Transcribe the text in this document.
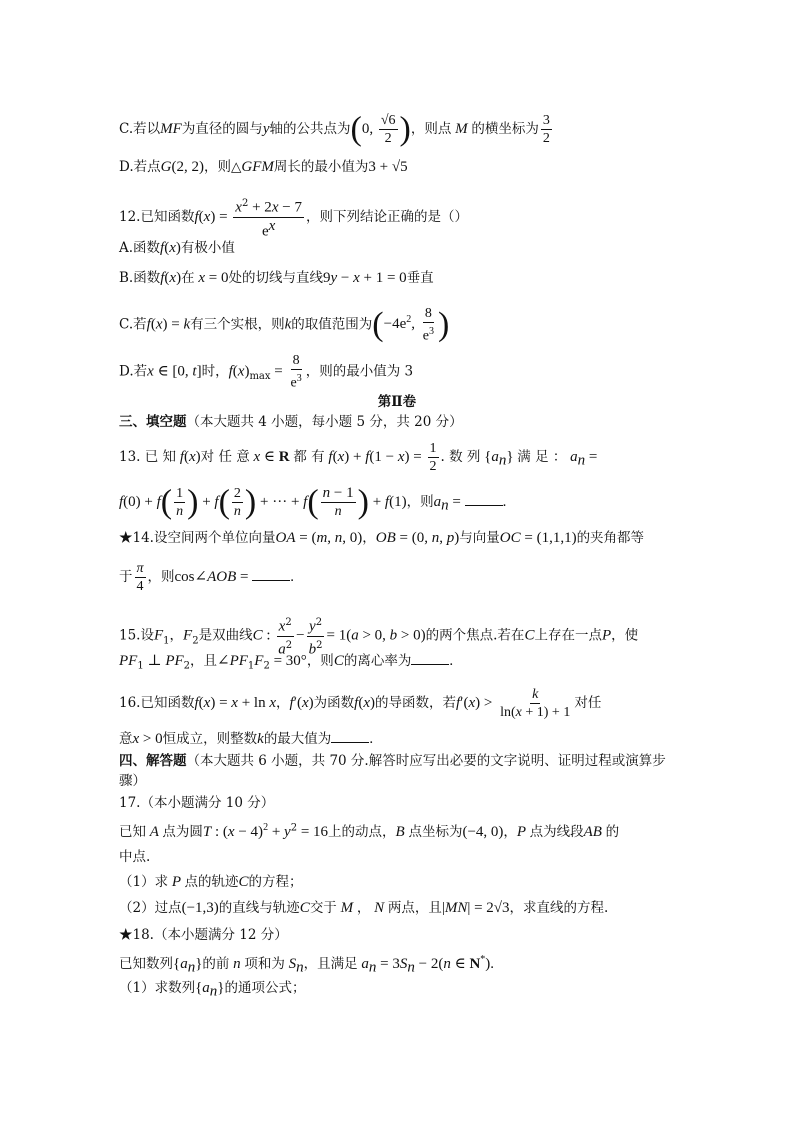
C.若以MF为直径的圆与y轴的公共点为(0, $\frac{√6}{2}$ )，则点 M 的横坐标为 $\frac{3}{2}$
D.若点G(2, 2)，则△GFM周长的最小值为3 + √5
12.已知函数$f(x) = \frac{x^2 + 2x - 7}{e^x}$ ，则下列结论正确的是（）
A.函数f(x)有极小值
B.函数f(x)在 x = 0处的切线与直线9y − x + 1 = 0垂直
C.若f(x) = k有三个实根，则k的取值范围为($-4e^2$, $\frac{8}{e^3}$ )
D.若x ∈ [0, t]时，$f(x)_{max} = \frac{8}{e^3}$ ，则的最小值为 3
第Ⅱ卷
三、填空题（本大题共 4 小题，每小题 5 分，共 20 分）
13. 已 知 f(x)对 任 意 x ∈ R 都 有 $f(x) + f(1 - x) = \frac{1}{2}$ . 数 列 $\{a_n\}$ 满 足 ： $a_n$ =
$f(0) + f( \frac{1}{n}$ ) + $f( \frac{2}{n}$ ) + ··· + $f( \frac{n - 1}{n}$ ) + f(1)，则$a_n$ =	.
★14.设空间两个单位向量OA = (m, n, 0)，OB = (0, n, p)与向量OC = (1,1,1)的夹角都等
于 $\frac{\pi}{4}$ ，则cos∠AOB =	.
15.设$F_1$，$F_2$是双曲线C : $\frac{x^2}{a^2} - \frac{y^2}{b^2} = 1(a > 0$, b > 0)的两个焦点.若在C上存在一点P，使
$PF_1$ ⊥ $PF_2$，且$\angle PF_1F_2 = 30^\circ$，则C的离心率为	.
16.已知函数f(x) = x + ln x，f′(x)为函数f(x)的导函数，若$f'(x) > \frac{k}{\ln(x + 1) + 1}$ 对任
意x > 0恒成立，则整数k的最大值为	.
四、解答题（本大题共 6 小题，共 70 分.解答时应写出必要的文字说明、证明过程或演算步
骤）
17.（本小题满分 10 分）
已知 A 点为圆T : $(x - 4)^2 + y^2 = 16$上的动点，B 点坐标为(−4, 0)，P 点为线段AB 的
中点.
（1）求 P 点的轨迹C的方程；
（2）过点(−1,3)的直线与轨迹C交于 M ， N 两点，且|MN| = 2√3，求直线的方程.
★18.（本小题满分 12 分）
已知数列$\{a_n\}$的前 n 项和为 $S_n$，且满足 $a_n = 3S_n - 2(n$ ∈ N*).
（1）求数列$\{a_n\}$的通项公式；
